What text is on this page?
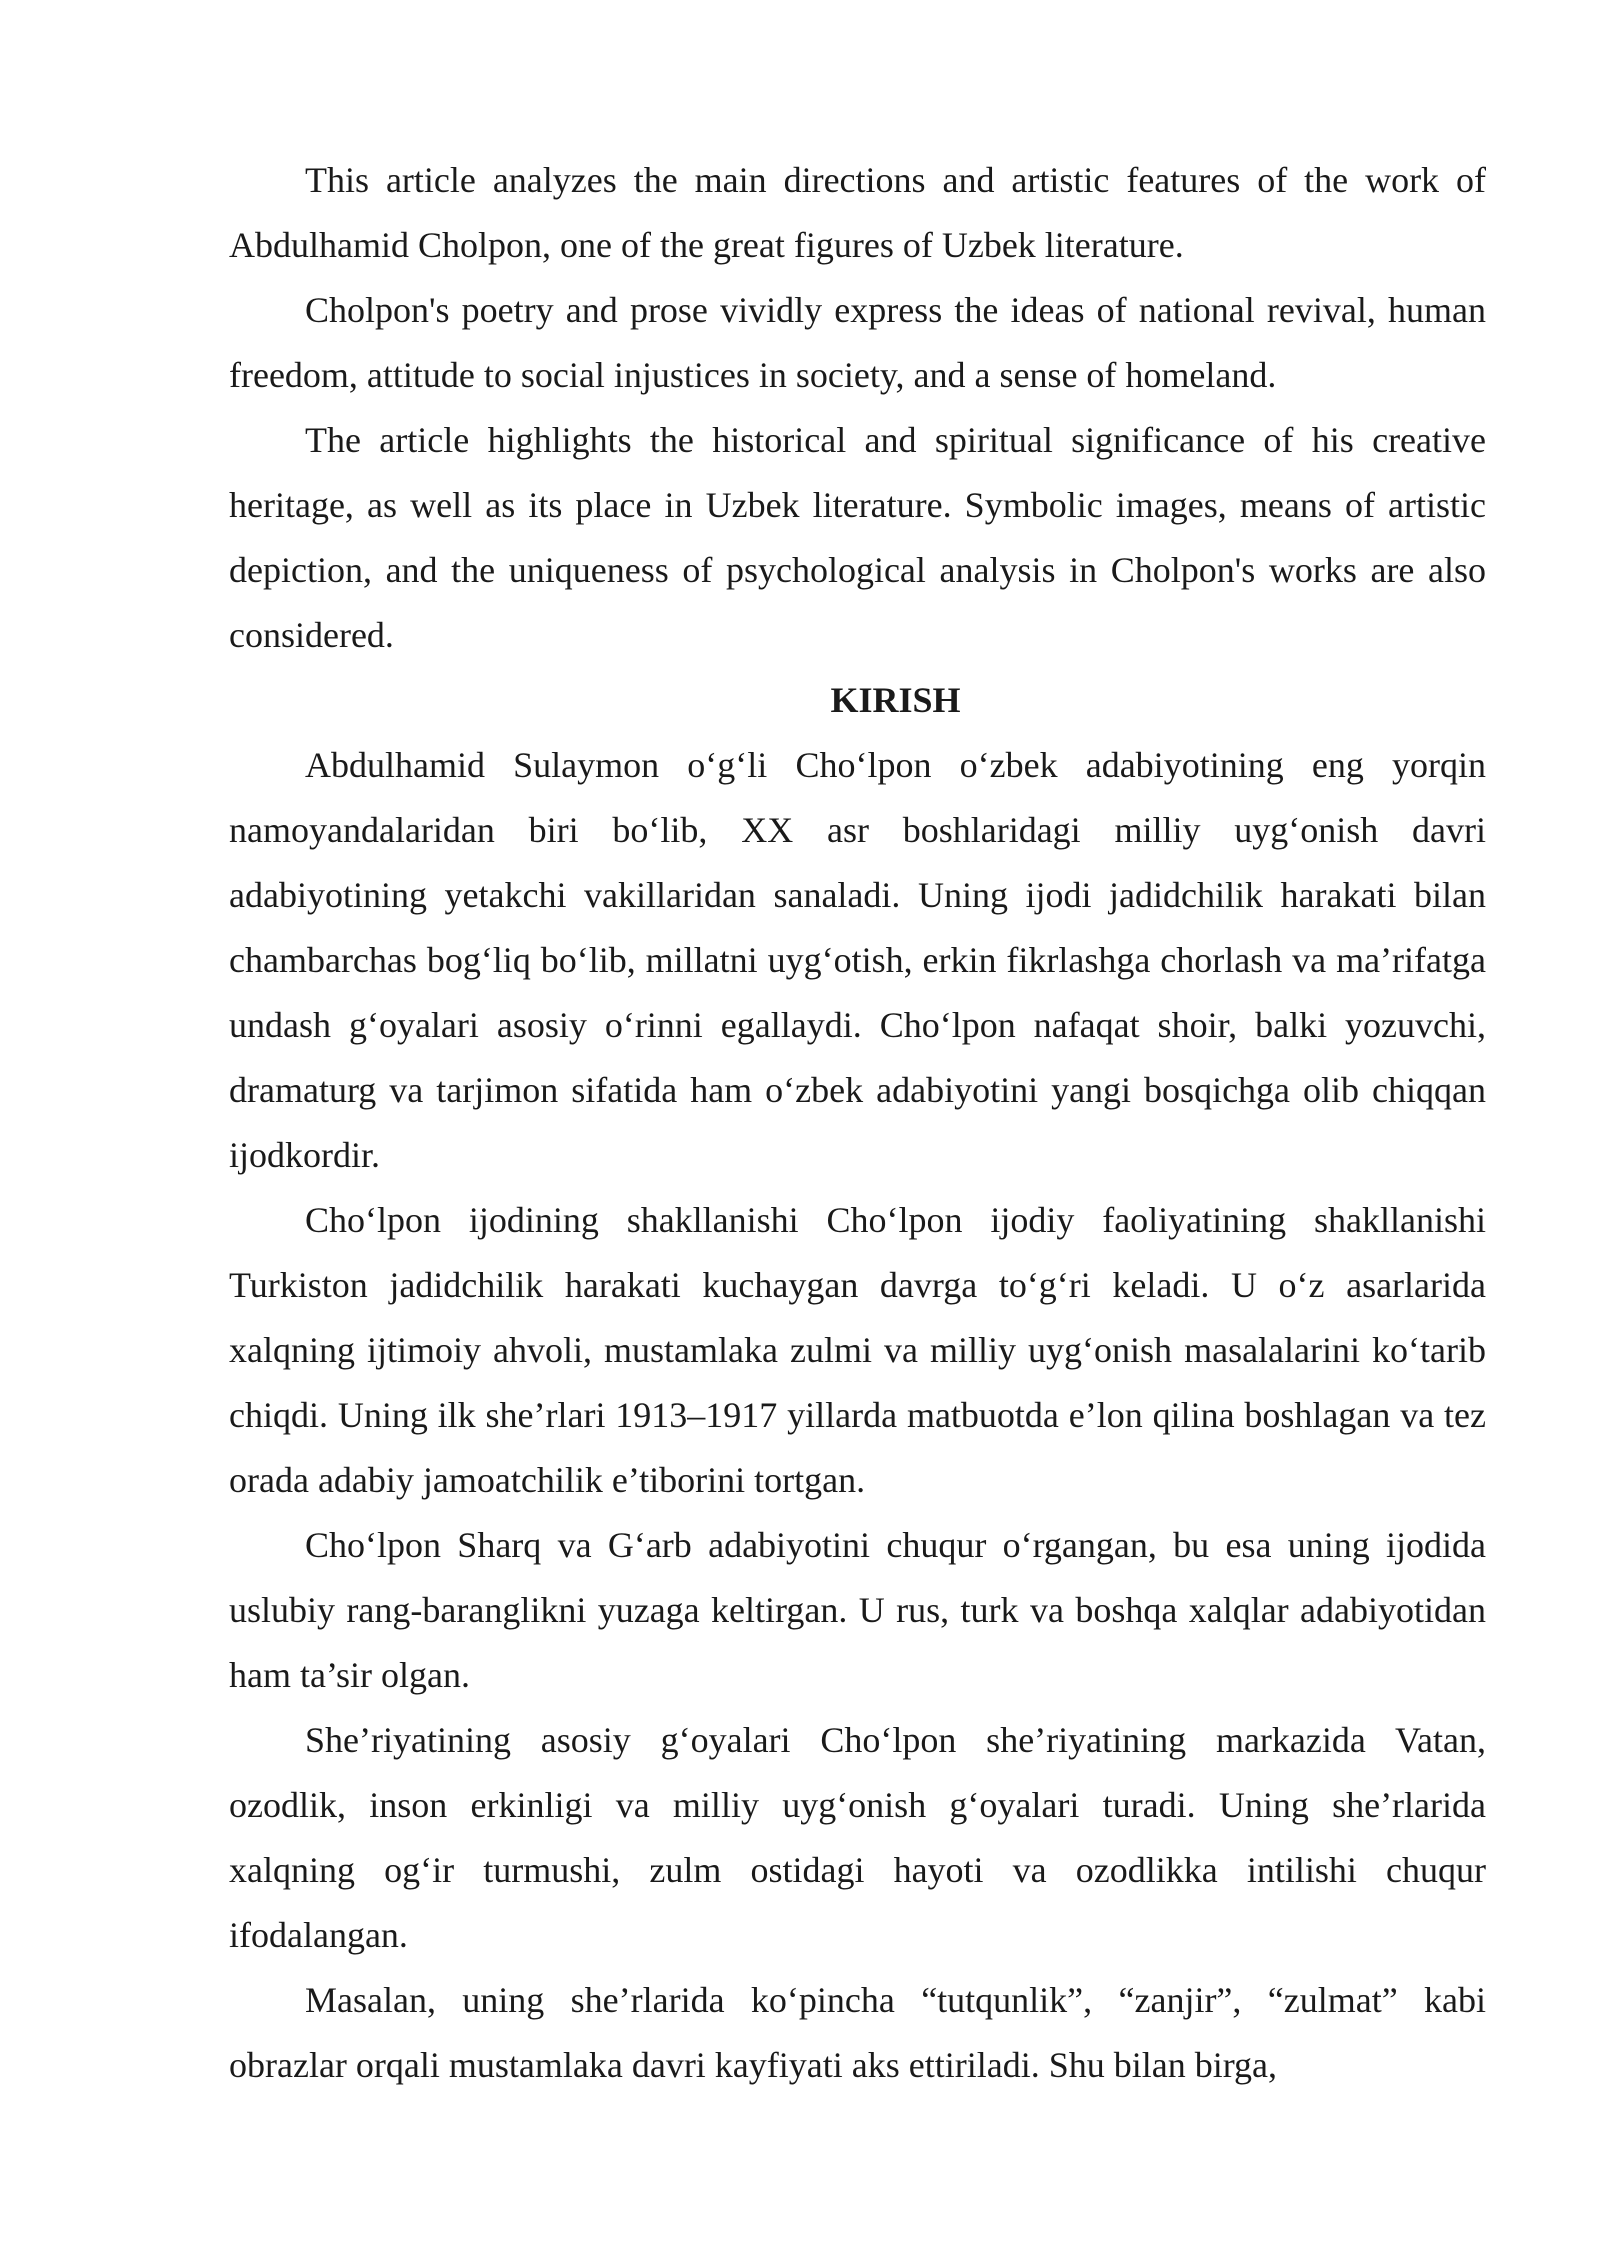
This article analyzes the main directions and artistic features of the work of Abdulhamid Cholpon, one of the great figures of Uzbek literature.

Cholpon's poetry and prose vividly express the ideas of national revival, human freedom, attitude to social injustices in society, and a sense of homeland.

The article highlights the historical and spiritual significance of his creative heritage, as well as its place in Uzbek literature. Symbolic images, means of artistic depiction, and the uniqueness of psychological analysis in Cholpon's works are also considered.

KIRISH

Abdulhamid Sulaymon o‘g‘li Cho‘lpon o‘zbek adabiyotining eng yorqin namoyandalaridan biri bo‘lib, XX asr boshlaridagi milliy uyg‘onish davri adabiyotining yetakchi vakillaridan sanaladi. Uning ijodi jadidchilik harakati bilan chambarchas bog‘liq bo‘lib, millatni uyg‘otish, erkin fikrlashga chorlash va ma’rifatga undash g‘oyalari asosiy o‘rinni egallaydi. Cho‘lpon nafaqat shoir, balki yozuvchi, dramaturg va tarjimon sifatida ham o‘zbek adabiyotini yangi bosqichga olib chiqqan ijodkordir.

Cho‘lpon ijodining shakllanishi Cho‘lpon ijodiy faoliyatining shakllanishi Turkiston jadidchilik harakati kuchaygan davrga to‘g‘ri keladi. U o‘z asarlarida xalqning ijtimoiy ahvoli, mustamlaka zulmi va milliy uyg‘onish masalalarini ko‘tarib chiqdi. Uning ilk she’rlari 1913–1917 yillarda matbuotda e’lon qilina boshlagan va tez orada adabiy jamoatchilik e’tiborini tortgan.

Cho‘lpon Sharq va G‘arb adabiyotini chuqur o‘rgangan, bu esa uning ijodida uslubiy rang-baranglikni yuzaga keltirgan. U rus, turk va boshqa xalqlar adabiyotidan ham ta’sir olgan.

She’riyatining asosiy g‘oyalari Cho‘lpon she’riyatining markazida Vatan, ozodlik, inson erkinligi va milliy uyg‘onish g‘oyalari turadi. Uning she’rlarida xalqning og‘ir turmushi, zulm ostidagi hayoti va ozodlikka intilishi chuqur ifodalangan.

Masalan, uning she’rlarida ko‘pincha “tutqunlik”, “zanjir”, “zulmat” kabi obrazlar orqali mustamlaka davri kayfiyati aks ettiriladi. Shu bilan birga,
